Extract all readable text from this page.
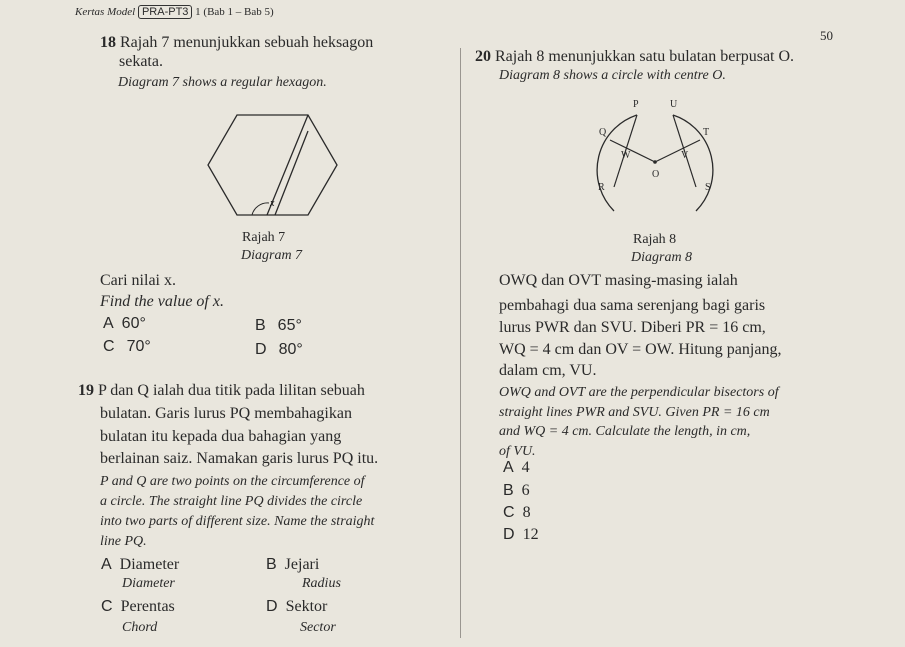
Kertas Model PRA-PT3 1 (Bab 1 – Bab 5)
50
18 Rajah 7 menunjukkan sebuah heksagon
sekata.
Diagram 7 shows a regular hexagon.
x
Rajah 7
Diagram 7
Cari nilai x.
Find the value of x.
A 60°	B 65°
C 70°	D 80°
19 P dan Q ialah dua titik pada lilitan sebuah
bulatan. Garis lurus PQ membahagikan
bulatan itu kepada dua bahagian yang
berlainan saiz. Namakan garis lurus PQ itu.
P and Q are two points on the circumference of
a circle. The straight line PQ divides the circle
into two parts of different size. Name the straight
line PQ.
A Diameter
Diameter
B Jejari
Radius
C Perentas
Chord
D Sektor
Sector
20 Rajah 8 menunjukkan satu bulatan berpusat O.
Diagram 8 shows a circle with centre O.
P	U
Q	T
W	V
O
R	S
Rajah 8
Diagram 8
OWQ dan OVT masing-masing ialah
pembahagi dua sama serenjang bagi garis
lurus PWR dan SVU. Diberi PR = 16 cm,
WQ = 4 cm dan OV = OW. Hitung panjang,
dalam cm, VU.
OWQ and OVT are the perpendicular bisectors of
straight lines PWR and SVU. Given PR = 16 cm
and WQ = 4 cm. Calculate the length, in cm,
of VU.
A 4
B 6
C 8
D 12
